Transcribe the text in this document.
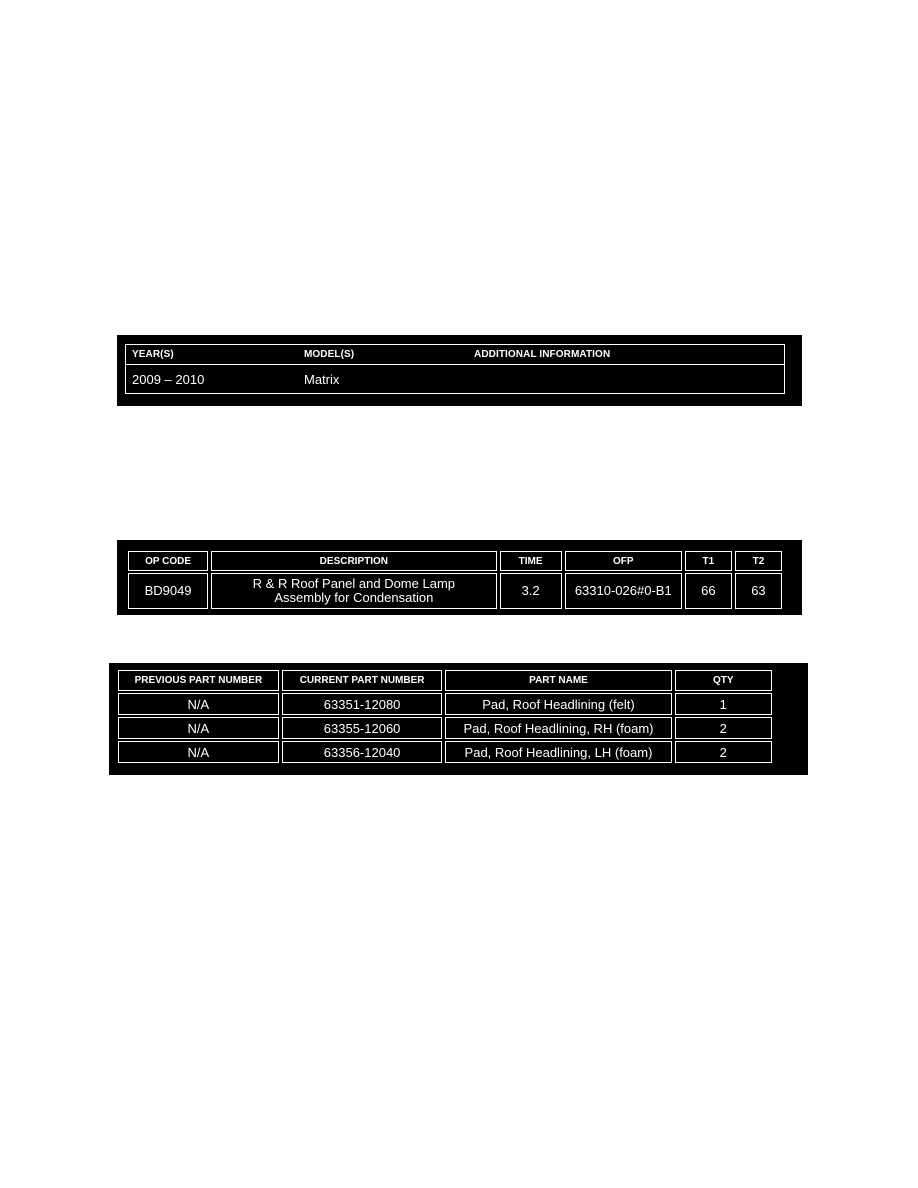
YEAR(S)	MODEL(S)	ADDITIONAL INFORMATION
2009 – 2010	Matrix
OP CODE	DESCRIPTION	TIME	OFP	T1	T2
BD9049	R & R Roof Panel and Dome Lamp
Assembly for Condensation	3.2	63310-026#0-B1	66	63
PREVIOUS PART NUMBER	CURRENT PART NUMBER	PART NAME	QTY
N/A	63351-12080	Pad, Roof Headlining (felt)	1
N/A	63355-12060	Pad, Roof Headlining, RH (foam)	2
N/A	63356-12040	Pad, Roof Headlining, LH (foam)	2
